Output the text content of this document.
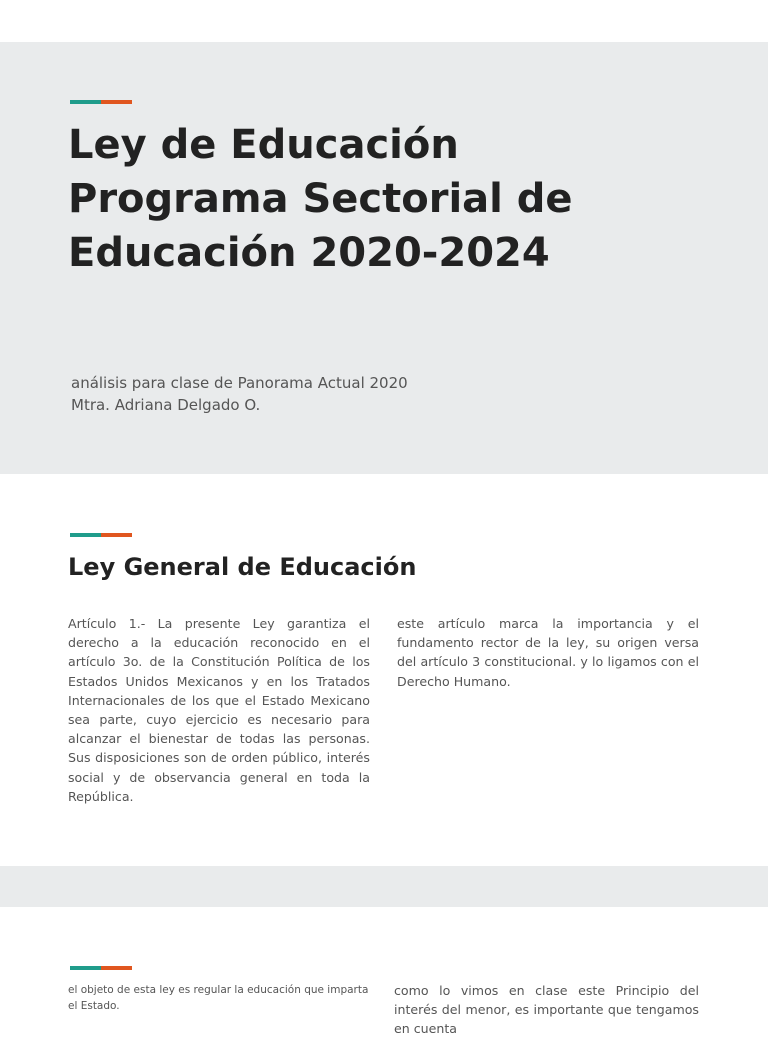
Ley de Educación
Programa Sectorial de
Educación 2020-2024
análisis para clase de Panorama Actual 2020
Mtra. Adriana Delgado O.
Ley General de Educación

Artículo 1.- La presente Ley garantiza el derecho a la educación reconocido en el artículo 3o. de la Constitución Política de los Estados Unidos Mexicanos y en los Tratados Internacionales de los que el Estado Mexicano sea parte, cuyo ejercicio es necesario para alcanzar el bienestar de todas las personas. Sus disposiciones son de orden público, interés social y de observancia general en toda la República.

este artículo marca la importancia y el fundamento rector de la ley, su origen versa del artículo 3 constitucional. y lo ligamos con el Derecho Humano.

el objeto de esta ley es regular la educación que imparta el Estado.

como lo vimos en clase este Principio del interés del menor, es importante que tengamos en cuenta
